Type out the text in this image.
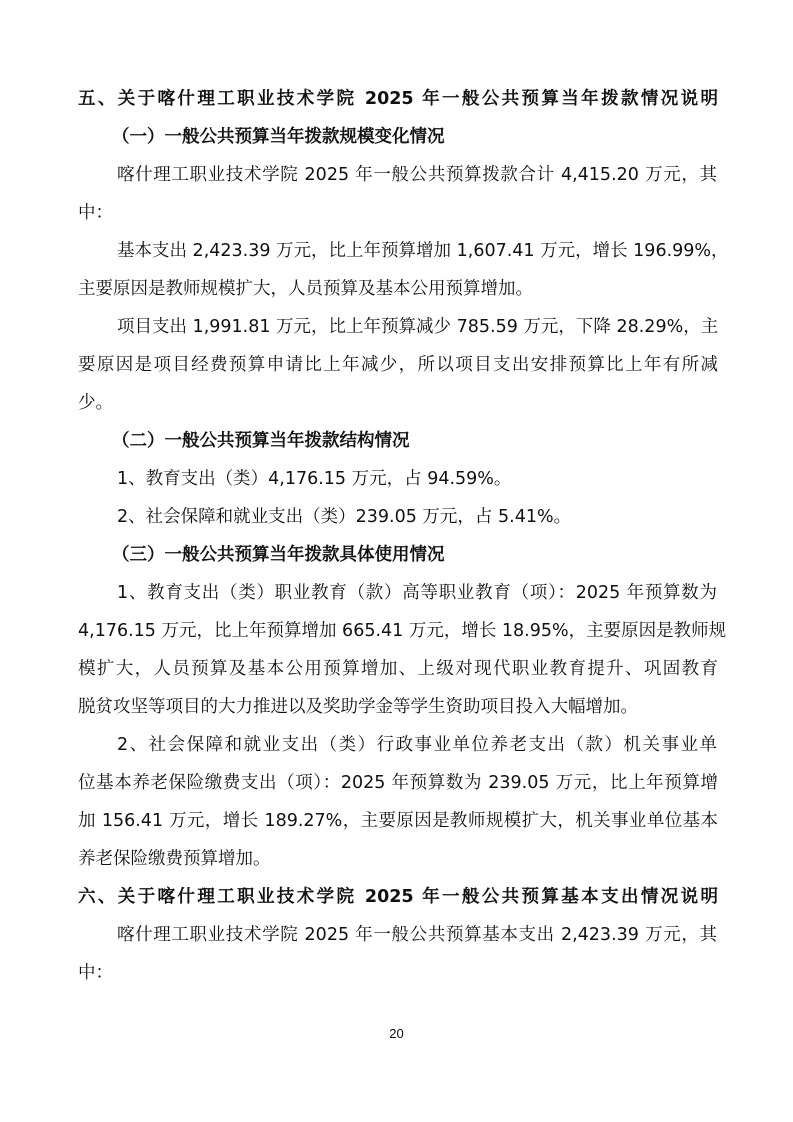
五、关于喀什理工职业技术学院 2025 年一般公共预算当年拨款情况说明

（一）一般公共预算当年拨款规模变化情况

喀什理工职业技术学院 2025 年一般公共预算拨款合计 4,415.20 万元，其

中：

基本支出 2,423.39 万元，比上年预算增加 1,607.41 万元，增长 196.99%，

主要原因是教师规模扩大，人员预算及基本公用预算增加。

项目支出 1,991.81 万元，比上年预算减少 785.59 万元，下降 28.29%，主

要原因是项目经费预算申请比上年减少，所以项目支出安排预算比上年有所减

少。

（二）一般公共预算当年拨款结构情况

1、教育支出（类）4,176.15 万元，占 94.59%。

2、社会保障和就业支出（类）239.05 万元，占 5.41%。

（三）一般公共预算当年拨款具体使用情况

1、教育支出（类）职业教育（款）高等职业教育（项）：2025 年预算数为

4,176.15 万元，比上年预算增加 665.41 万元，增长 18.95%，主要原因是教师规

模扩大，人员预算及基本公用预算增加、上级对现代职业教育提升、巩固教育

脱贫攻坚等项目的大力推进以及奖助学金等学生资助项目投入大幅增加。

2、社会保障和就业支出（类）行政事业单位养老支出（款）机关事业单

位基本养老保险缴费支出（项）：2025 年预算数为 239.05 万元，比上年预算增

加 156.41 万元，增长 189.27%，主要原因是教师规模扩大，机关事业单位基本

养老保险缴费预算增加。

六、关于喀什理工职业技术学院 2025 年一般公共预算基本支出情况说明

喀什理工职业技术学院 2025 年一般公共预算基本支出 2,423.39 万元，其

中：

20
